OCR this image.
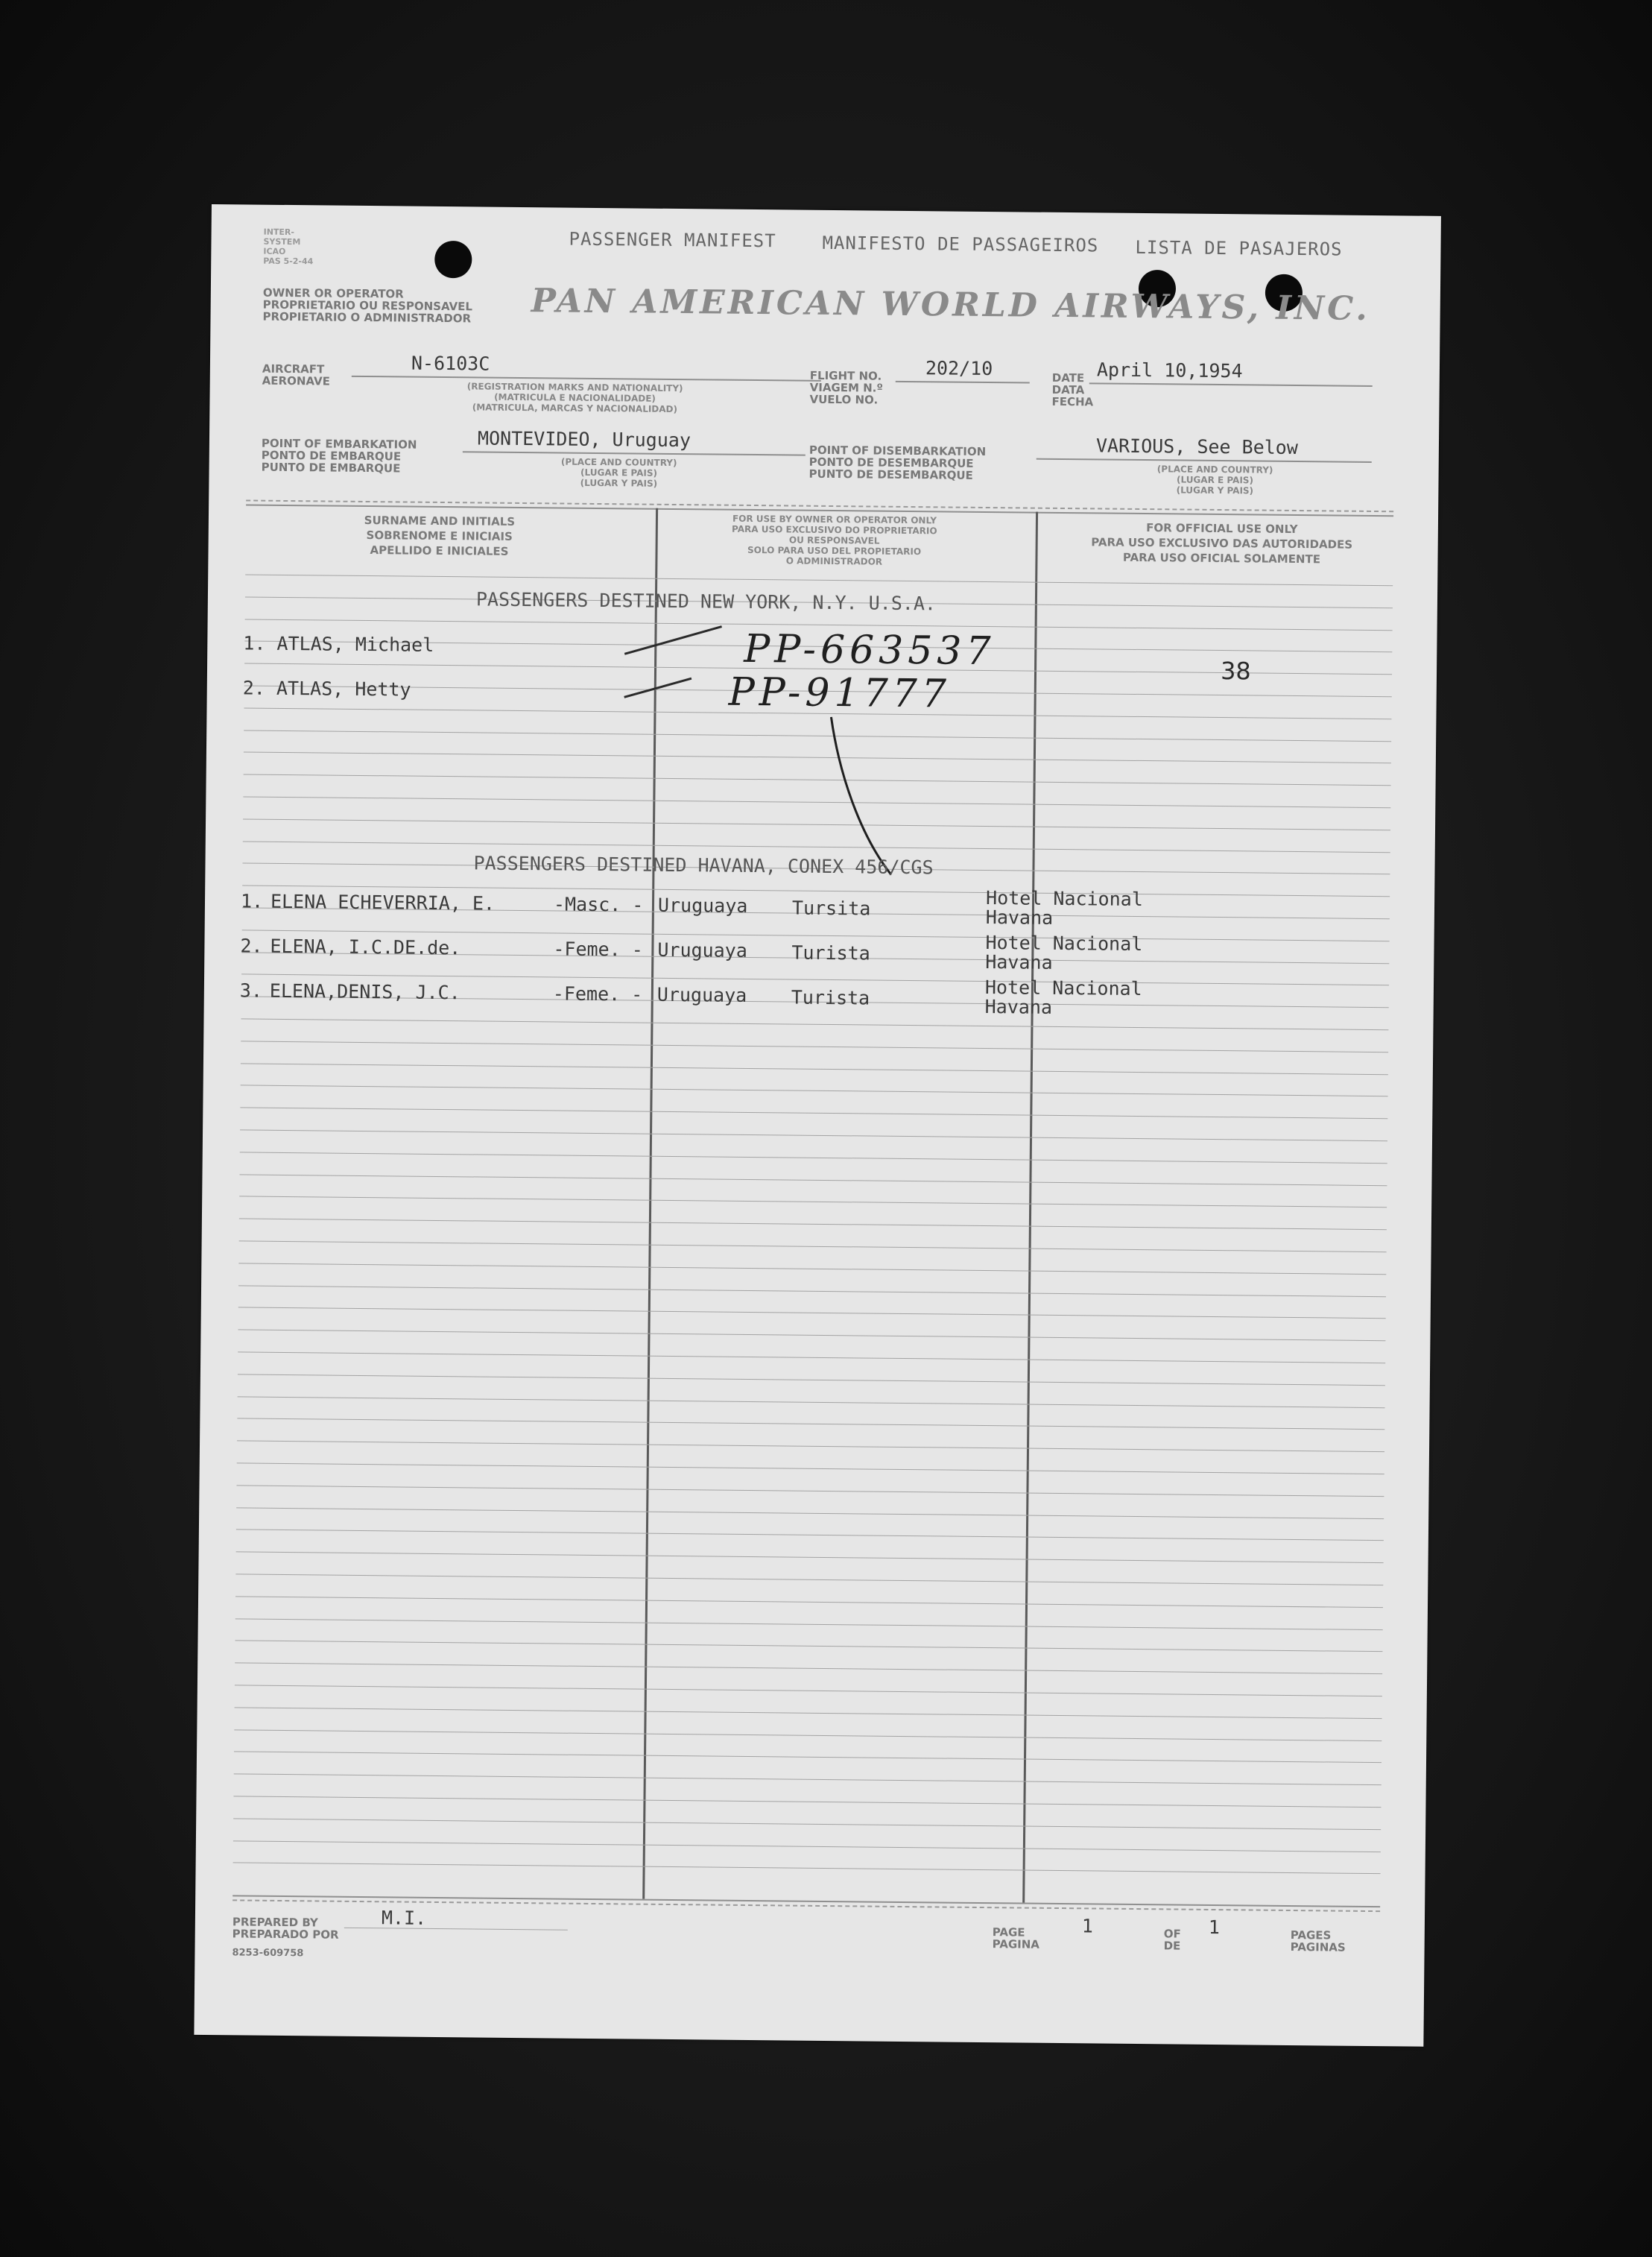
INTER-
SYSTEM
ICAO
PAS 5-2-44
PASSENGER MANIFEST	MANIFESTO DE PASSAGEIROS LISTA DE PASAJEROS
OWNER OR OPERATOR
PROPRIETARIO OU RESPONSAVEL
PROPIETARIO O ADMINISTRADOR PAN AMERICAN WORLD AIRWAYS, INC.
AIRCRAFT
AERONAVE
N-6103C
(REGISTRATION MARKS AND NATIONALITY)
(MATRICULA E NACIONALIDADE)
(MATRICULA, MARCAS Y NACIONALIDAD)
FLIGHT NO.
VIAGEM N.º
VUELO NO.
202/10	DATE
DATA
FECHA
April 10,1954
POINT OF EMBARKATION
PONTO DE EMBARQUE
PUNTO DE EMBARQUE
MONTEVIDEO, Uruguay
(PLACE AND COUNTRY)
(LUGAR E PAIS)
(LUGAR Y PAIS)
POINT OF DISEMBARKATION
PONTO DE DESEMBARQUE
PUNTO DE DESEMBARQUE
VARIOUS, See Below
(PLACE AND COUNTRY)
(LUGAR E PAIS)
(LUGAR Y PAIS)
SURNAME AND INITIALS
SOBRENOME E INICIAIS
APELLIDO E INICIALES
FOR USE BY OWNER OR OPERATOR ONLY
PARA USO EXCLUSIVO DO PROPRIETARIO
OU RESPONSAVEL
SOLO PARA USO DEL PROPIETARIO
O ADMINISTRADOR
FOR OFFICIAL USE ONLY
PARA USO EXCLUSIVO DAS AUTORIDADES
PARA USO OFICIAL SOLAMENTE
PASSENGERS DESTINED NEW YORK, N.Y. U.S.A.
1. ATLAS, Michael	PP-663537	38
2. ATLAS, Hetty	PP-91777
PASSENGERS DESTINED HAVANA, CONEX 456/CGS
1. ELENA ECHEVERRIA, E.	-Masc. - Uruguaya Tursita	Hotel Nacional
Havana
2. ELENA, I.C.DE.de.	-Feme. - Uruguaya Turista	Hotel Nacional
Havana
3. ELENA,DENIS, J.C.	-Feme. - Uruguaya Turista	Hotel Nacional
Havana
PREPARED BY
PREPARADO POR
M.I.
8253-609758
PAGE
PAGINA
1	OF
DE
1	PAGES
PAGINAS
